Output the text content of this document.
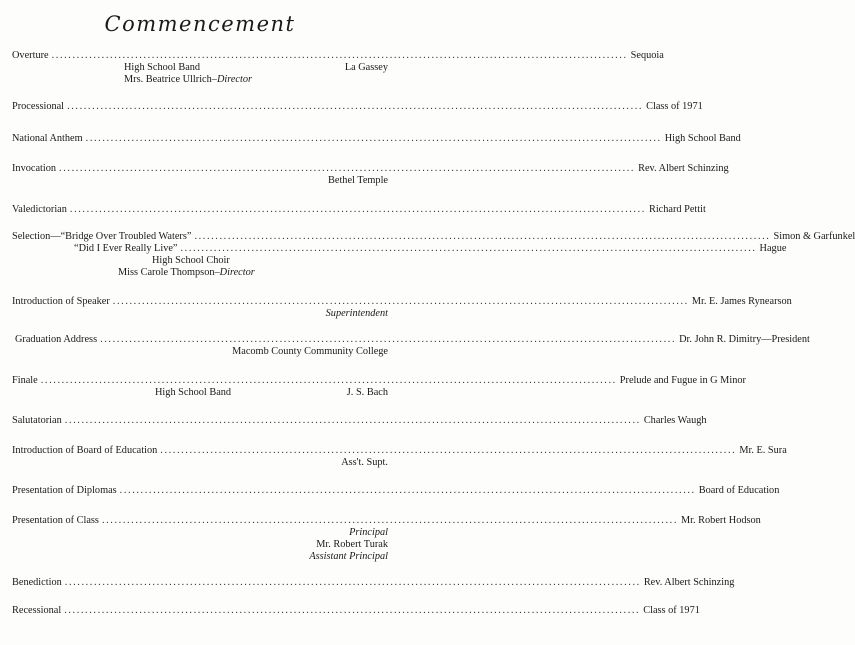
Commencement
Overture .......................................................................................................................................... Sequoia
High School Band	La Gassey
Mrs. Beatrice Ullrich–Director
Processional .......................................................................................................................................... Class of 1971
National Anthem .......................................................................................................................................... High School Band
Invocation .......................................................................................................................................... Rev. Albert Schinzing
Bethel Temple
Valedictorian .......................................................................................................................................... Richard Pettit
Selection—“Bridge Over Troubled Waters” .......................................................................................................................................... Simon & Garfunkel
“Did I Ever Really Live” .......................................................................................................................................... Hague
High School Choir
Miss Carole Thompson–Director
Introduction of Speaker .......................................................................................................................................... Mr. E. James Rynearson
Superintendent
Graduation Address .......................................................................................................................................... Dr. John R. Dimitry—President
Macomb County Community College
Finale .......................................................................................................................................... Prelude and Fugue in G Minor
High School Band	J. S. Bach
Salutatorian .......................................................................................................................................... Charles Waugh
Introduction of Board of Education .......................................................................................................................................... Mr. E. Sura
Ass't. Supt.
Presentation of Diplomas .......................................................................................................................................... Board of Education
Presentation of Class .......................................................................................................................................... Mr. Robert Hodson
Principal
Mr. Robert Turak
Assistant Principal
Benediction .......................................................................................................................................... Rev. Albert Schinzing
Recessional .......................................................................................................................................... Class of 1971
